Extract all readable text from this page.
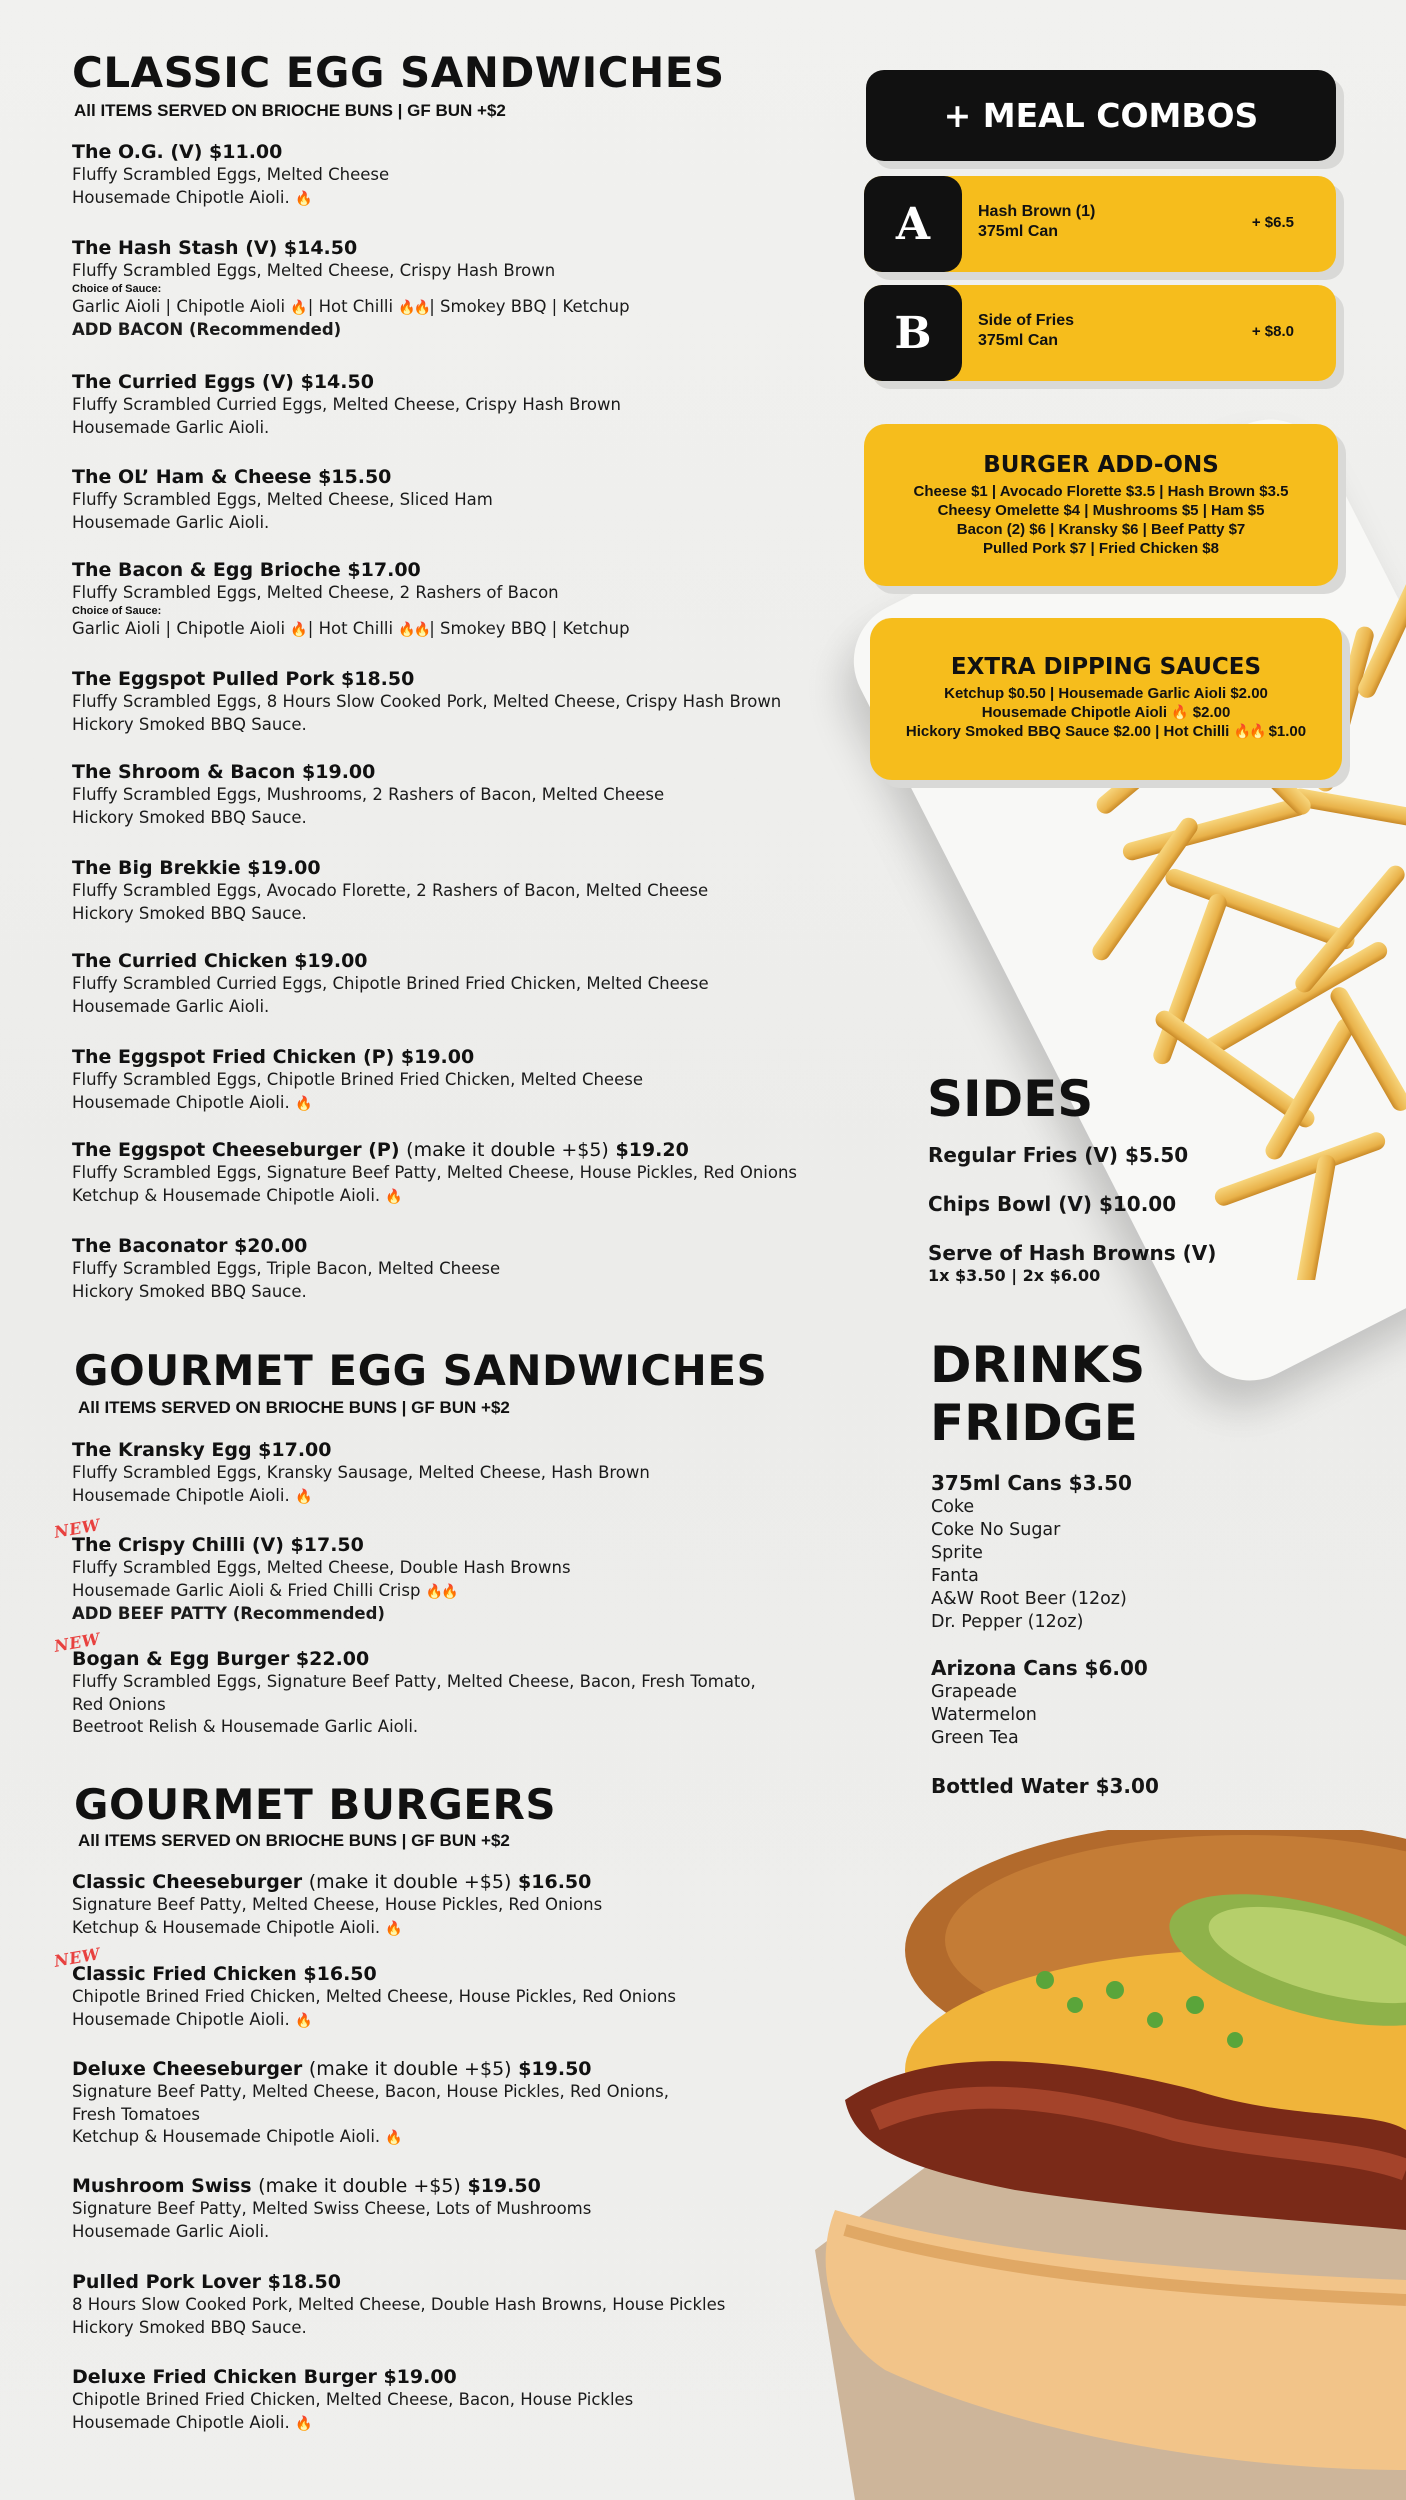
CLASSIC EGG SANDWICHES
All ITEMS SERVED ON BRIOCHE BUNS | GF BUN +$2
The O.G. (V) $11.00
Fluffy Scrambled Eggs, Melted Cheese
Housemade Chipotle Aioli. 🔥
The Hash Stash (V) $14.50
Fluffy Scrambled Eggs, Melted Cheese, Crispy Hash Brown
Choice of Sauce:
Garlic Aioli | Chipotle Aioli 🔥| Hot Chilli 🔥🔥| Smokey BBQ | Ketchup
ADD BACON (Recommended)
The Curried Eggs (V) $14.50
Fluffy Scrambled Curried Eggs, Melted Cheese, Crispy Hash Brown
Housemade Garlic Aioli.
The OL’ Ham & Cheese $15.50
Fluffy Scrambled Eggs, Melted Cheese, Sliced Ham
Housemade Garlic Aioli.
The Bacon & Egg Brioche $17.00
Fluffy Scrambled Eggs, Melted Cheese, 2 Rashers of Bacon
Choice of Sauce:
Garlic Aioli | Chipotle Aioli 🔥| Hot Chilli 🔥🔥| Smokey BBQ | Ketchup
The Eggspot Pulled Pork $18.50
Fluffy Scrambled Eggs, 8 Hours Slow Cooked Pork, Melted Cheese, Crispy Hash Brown
Hickory Smoked BBQ Sauce.
The Shroom & Bacon $19.00
Fluffy Scrambled Eggs, Mushrooms, 2 Rashers of Bacon, Melted Cheese
Hickory Smoked BBQ Sauce.
The Big Brekkie $19.00
Fluffy Scrambled Eggs, Avocado Florette, 2 Rashers of Bacon, Melted Cheese
Hickory Smoked BBQ Sauce.
The Curried Chicken $19.00
Fluffy Scrambled Curried Eggs, Chipotle Brined Fried Chicken, Melted Cheese
Housemade Garlic Aioli.
The Eggspot Fried Chicken (P) $19.00
Fluffy Scrambled Eggs, Chipotle Brined Fried Chicken, Melted Cheese
Housemade Chipotle Aioli. 🔥
The Eggspot Cheeseburger (P) (make it double +$5) $19.20
Fluffy Scrambled Eggs, Signature Beef Patty, Melted Cheese, House Pickles, Red Onions
Ketchup & Housemade Chipotle Aioli. 🔥
The Baconator $20.00
Fluffy Scrambled Eggs, Triple Bacon, Melted Cheese
Hickory Smoked BBQ Sauce.
GOURMET EGG SANDWICHES
All ITEMS SERVED ON BRIOCHE BUNS | GF BUN +$2
The Kransky Egg $17.00
Fluffy Scrambled Eggs, Kransky Sausage, Melted Cheese, Hash Brown
Housemade Chipotle Aioli. 🔥
NEW
The Crispy Chilli (V) $17.50
Fluffy Scrambled Eggs, Melted Cheese, Double Hash Browns
Housemade Garlic Aioli & Fried Chilli Crisp 🔥🔥
ADD BEEF PATTY (Recommended)
NEW
Bogan & Egg Burger $22.00
Fluffy Scrambled Eggs, Signature Beef Patty, Melted Cheese, Bacon, Fresh Tomato,
Red Onions
Beetroot Relish & Housemade Garlic Aioli.
GOURMET BURGERS
All ITEMS SERVED ON BRIOCHE BUNS | GF BUN +$2
Classic Cheeseburger (make it double +$5) $16.50
Signature Beef Patty, Melted Cheese, House Pickles, Red Onions
Ketchup & Housemade Chipotle Aioli. 🔥
NEW
Classic Fried Chicken $16.50
Chipotle Brined Fried Chicken, Melted Cheese, House Pickles, Red Onions
Housemade Chipotle Aioli. 🔥
Deluxe Cheeseburger (make it double +$5) $19.50
Signature Beef Patty, Melted Cheese, Bacon, House Pickles, Red Onions,
Fresh Tomatoes
Ketchup & Housemade Chipotle Aioli. 🔥
Mushroom Swiss (make it double +$5) $19.50
Signature Beef Patty, Melted Swiss Cheese, Lots of Mushrooms
Housemade Garlic Aioli.
Pulled Pork Lover $18.50
8 Hours Slow Cooked Pork, Melted Cheese, Double Hash Browns, House Pickles
Hickory Smoked BBQ Sauce.
Deluxe Fried Chicken Burger $19.00
Chipotle Brined Fried Chicken, Melted Cheese, Bacon, House Pickles
Housemade Chipotle Aioli. 🔥
+ MEAL COMBOS
A	Hash Brown (1)
375ml Can
+ $6.5
B	Side of Fries
375ml Can
+ $8.0
BURGER ADD-ONS
Cheese $1 | Avocado Florette $3.5 | Hash Brown $3.5
Cheesy Omelette $4 | Mushrooms $5 | Ham $5
Bacon (2) $6 | Kransky $6 | Beef Patty $7
Pulled Pork $7 | Fried Chicken $8
EXTRA DIPPING SAUCES
Ketchup $0.50 | Housemade Garlic Aioli $2.00
Housemade Chipotle Aioli 🔥 $2.00
Hickory Smoked BBQ Sauce $2.00 | Hot Chilli 🔥🔥 $1.00
SIDES
Regular Fries (V) $5.50
Chips Bowl (V) $10.00
Serve of Hash Browns (V)
1x $3.50 | 2x $6.00
DRINKS
FRIDGE
375ml Cans $3.50
Coke
Coke No Sugar
Sprite
Fanta
A&W Root Beer (12oz)
Dr. Pepper (12oz)
Arizona Cans $6.00
Grapeade
Watermelon
Green Tea
Bottled Water $3.00
